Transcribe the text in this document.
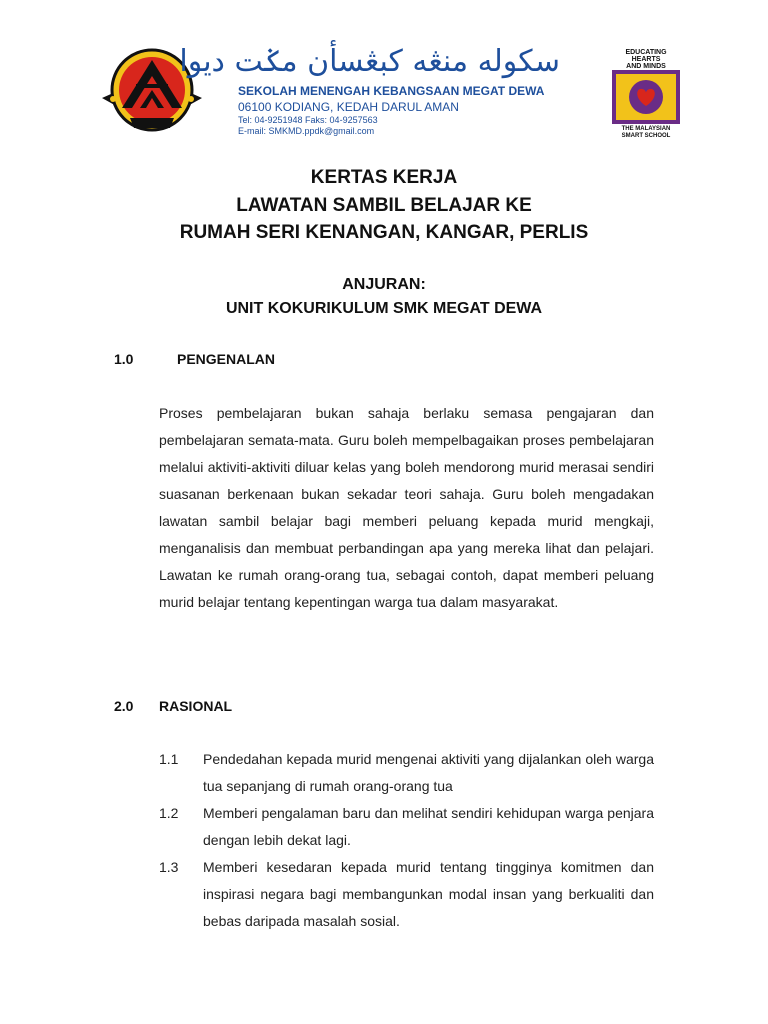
سکوله منڠه کبڠسأن مݢت ديوا
SEKOLAH MENENGAH KEBANGSAAN MEGAT DEWA
06100 KODIANG, KEDAH DARUL AMAN
Tel: 04-9251948 Faks: 04-9257563
E-mail: SMKMD.ppdk@gmail.com
EDUCATING
HEARTS
AND MINDS
THE MALAYSIAN
SMART SCHOOL
KERTAS KERJA
LAWATAN SAMBIL BELAJAR KE
RUMAH SERI KENANGAN, KANGAR, PERLIS
ANJURAN:
UNIT KOKURIKULUM SMK MEGAT DEWA
1.0	PENGENALAN
Proses pembelajaran bukan sahaja berlaku semasa pengajaran dan pembelajaran semata-mata. Guru boleh mempelbagaikan proses pembelajaran melalui aktiviti-aktiviti diluar kelas yang boleh mendorong murid merasai sendiri suasanan berkenaan bukan sekadar teori sahaja. Guru boleh mengadakan lawatan sambil belajar bagi memberi peluang kepada murid mengkaji, menganalisis dan membuat perbandingan apa yang mereka lihat dan pelajari. Lawatan ke rumah orang-orang tua, sebagai contoh, dapat memberi peluang murid belajar tentang kepentingan warga tua dalam masyarakat.
2.0 RASIONAL
1.1	Pendedahan kepada murid mengenai aktiviti yang dijalankan oleh warga tua sepanjang di rumah orang-orang tua
1.2	Memberi pengalaman baru dan melihat sendiri kehidupan warga penjara dengan lebih dekat lagi.
1.3	Memberi kesedaran kepada murid tentang tingginya komitmen dan inspirasi negara bagi membangunkan modal insan yang berkualiti dan bebas daripada masalah sosial.
